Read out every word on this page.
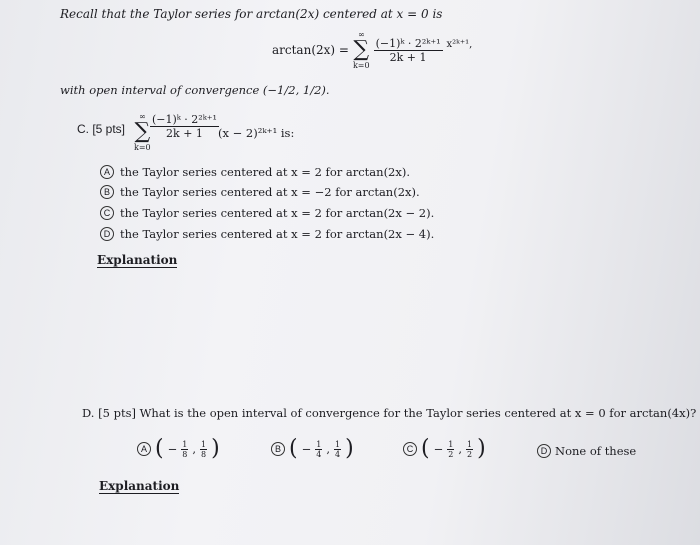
Recall that the Taylor series for arctan(2x) centered at x = 0 is
arctan(2x) =
∞
∑
k=0
$\frac{\text{(−1)ᵏ · 2²ᵏ⁺¹}}{2k + 1}$ x²ᵏ⁺¹,
with open interval of convergence (−1/2, 1/2).
C. [5 pts]
∞
∑
k=0
$\frac{\text{(−1)ᵏ · 2²ᵏ⁺¹}}{2k + 1} (x$ − 2)²ᵏ⁺¹ is:
A the Taylor series centered at x = 2 for arctan(2x).
B the Taylor series centered at x = −2 for arctan(2x).
C the Taylor series centered at x = 2 for arctan(2x − 2).
D the Taylor series centered at x = 2 for arctan(2x − 4).
Explanation
D. [5 pts] What is the open interval of convergence for the Taylor series centered at x = 0 for arctan(4x)?
A ( − $\frac{1}{8}$ , $\frac{1}{8}$ )	B ( − $\frac{1}{4}$ , $\frac{1}{4}$ )	C ( − $\frac{1}{2}$ , $\frac{1}{2}$ )	D None of these
Explanation
